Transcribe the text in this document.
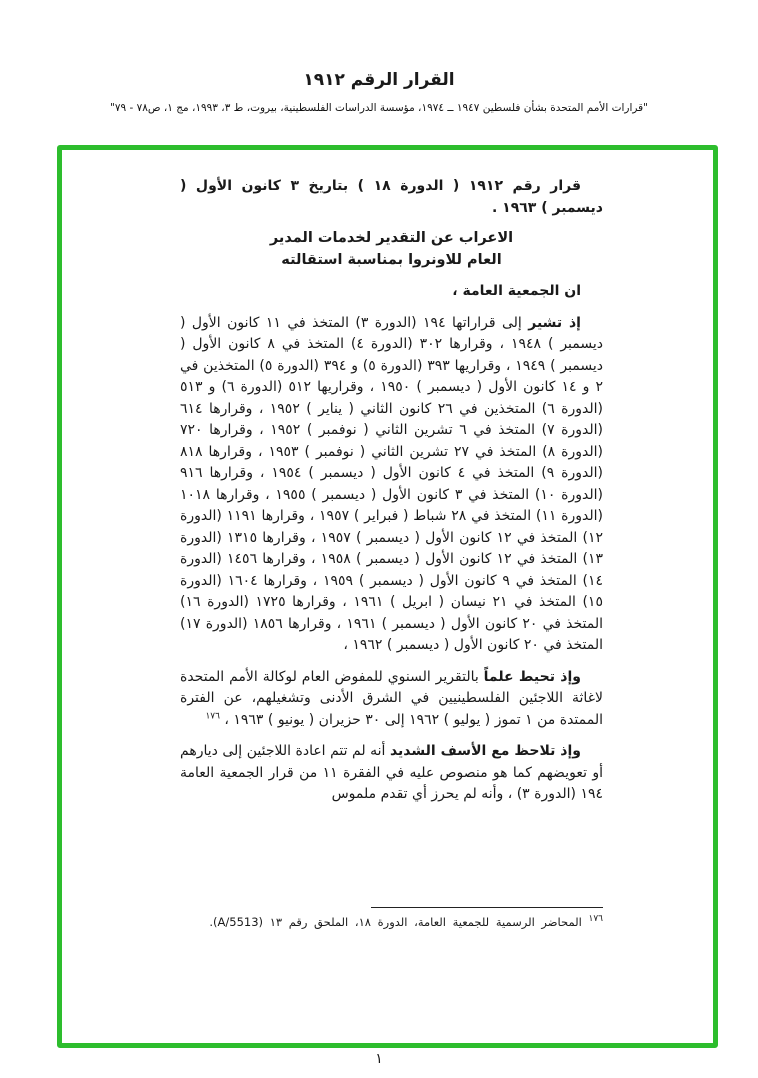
القرار الرقم ١٩١٢
"قرارات الأمم المتحدة بشأن فلسطين ١٩٤٧ ــ ١٩٧٤، مؤسسة الدراسات الفلسطينية، بيروت، ط ٣، ١٩٩٣، مج ١، ص٧٨ - ٧٩"

قرار رقم ١٩١٢ ( الدورة ١٨ ) بتاريخ ٣ كانون الأول ( ديسمبر ) ١٩٦٣ .

الاعراب عن التقدير لخدمات المدير
العام للاونروا بمناسبة استقالته

ان الجمعية العامة ،

إذ تشير إلى قراراتها ١٩٤ (الدورة ٣) المتخذ في ١١ كانون الأول ( ديسمبر ) ١٩٤٨ ، وقرارها ٣٠٢ (الدورة ٤) المتخذ في ٨ كانون الأول ( ديسمبر ) ١٩٤٩ ، وقراريها ٣٩٣ (الدورة ٥) و ٣٩٤ (الدورة ٥) المتخذين في ٢ و ١٤ كانون الأول ( ديسمبر ) ١٩٥٠ ، وقراريها ٥١٢ (الدورة ٦) و ٥١٣ (الدورة ٦) المتخذين في ٢٦ كانون الثاني ( يناير ) ١٩٥٢ ، وقرارها ٦١٤ (الدورة ٧) المتخذ في ٦ تشرين الثاني ( نوفمبر ) ١٩٥٢ ، وقرارها ٧٢٠ (الدورة ٨) المتخذ في ٢٧ تشرين الثاني ( نوفمبر ) ١٩٥٣ ، وقرارها ٨١٨ (الدورة ٩) المتخذ في ٤ كانون الأول ( ديسمبر ) ١٩٥٤ ، وقرارها ٩١٦ (الدورة ١٠) المتخذ في ٣ كانون الأول ( ديسمبر ) ١٩٥٥ ، وقرارها ١٠١٨ (الدورة ١١) المتخذ في ٢٨ شباط ( فبراير ) ١٩٥٧ ، وقرارها ١١٩١ (الدورة ١٢) المتخذ في ١٢ كانون الأول ( ديسمبر ) ١٩٥٧ ، وقرارها ١٣١٥ (الدورة ١٣) المتخذ في ١٢ كانون الأول ( ديسمبر ) ١٩٥٨ ، وقرارها ١٤٥٦ (الدورة ١٤) المتخذ في ٩ كانون الأول ( ديسمبر ) ١٩٥٩ ، وقرارها ١٦٠٤ (الدورة ١٥) المتخذ في ٢١ نيسان ( ابريل ) ١٩٦١ ، وقرارها ١٧٢٥ (الدورة ١٦) المتخذ في ٢٠ كانون الأول ( ديسمبر ) ١٩٦١ ، وقرارها ١٨٥٦ (الدورة ١٧) المتخذ في ٢٠ كانون الأول ( ديسمبر ) ١٩٦٢ ،

وإذ تحيط علماً بالتقرير السنوي للمفوض العام لوكالة الأمم المتحدة لاغاثة اللاجئين الفلسطينيين في الشرق الأدنى وتشغيلهم، عن الفترة الممتدة من ١ تموز ( يوليو ) ١٩٦٢ إلى ٣٠ حزيران ( يونيو ) ١٩٦٣ ، $^{١٧٦}$

وإذ تلاحظ مع الأسف الشديد أنه لم تتم اعادة اللاجئين إلى ديارهم أو تعويضهم كما هو منصوص عليه في الفقرة ١١ من قرار الجمعية العامة ١٩٤ (الدورة ٣) ، وأنه لم يحرز أي تقدم ملموس

$^{١٧٦}$ المحاضر الرسمية للجمعية العامة، الدورة ١٨، الملحق رقم ١٣ (A/5513).
١
